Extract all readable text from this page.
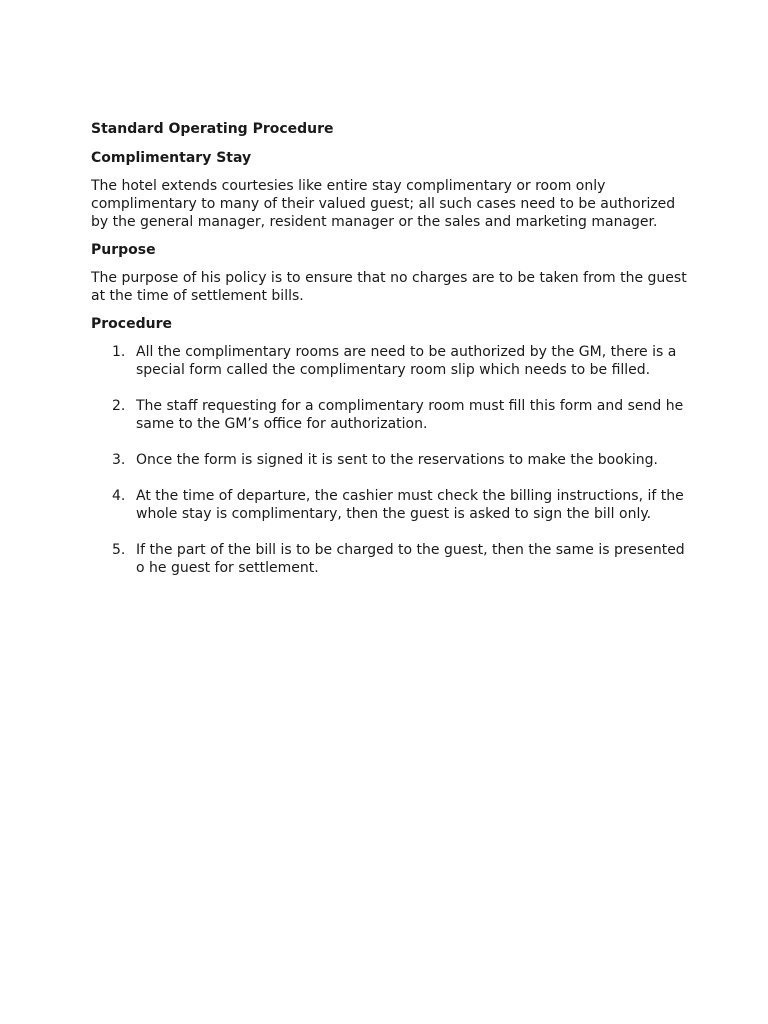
Standard Operating Procedure
Complimentary Stay

The hotel extends courtesies like entire stay complimentary or room only complimentary to many of their valued guest; all such cases need to be authorized by the general manager, resident manager or the sales and marketing manager.

Purpose

The purpose of his policy is to ensure that no charges are to be taken from the guest at the time of settlement bills.

Procedure
1. All the complimentary rooms are need to be authorized by the GM, there is a special form called the complimentary room slip which needs to be filled.
2. The staff requesting for a complimentary room must fill this form and send he same to the GM’s office for authorization.
3. Once the form is signed it is sent to the reservations to make the booking.
4. At the time of departure, the cashier must check the billing instructions, if the whole stay is complimentary, then the guest is asked to sign the bill only.
5. If the part of the bill is to be charged to the guest, then the same is presented o he guest for settlement.
